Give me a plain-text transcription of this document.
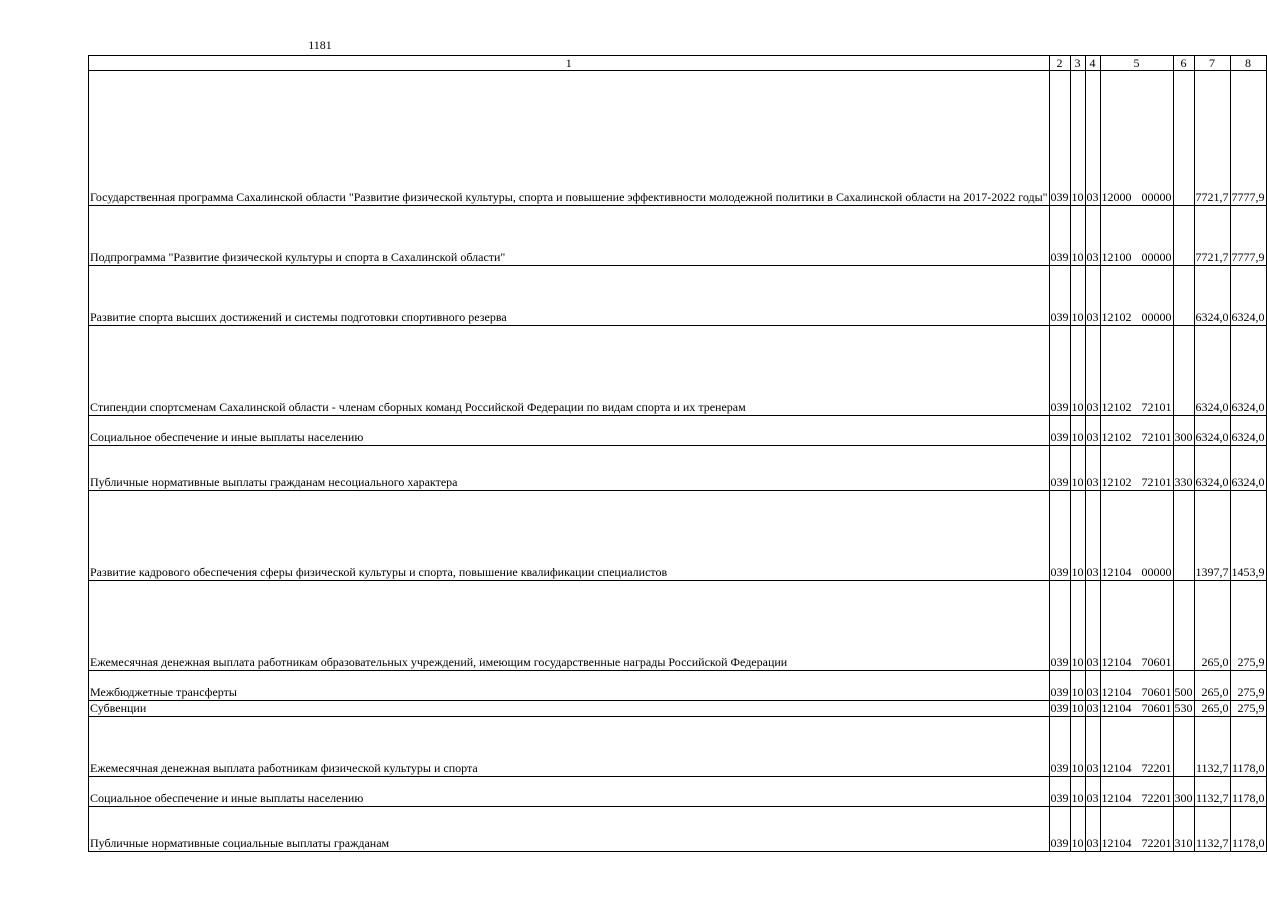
1181
1	2	3	4	5	6	7	8
Государственная программа Сахалинской области "Развитие физической культуры, спорта и повышение эффективности молодежной политики в Сахалинской области на 2017-2022 годы"	039	10	03	12000 00000		7721,7	7777,9
Подпрограмма "Развитие физической культуры и спорта в Сахалинской области"	039	10	03	12100 00000		7721,7	7777,9
Развитие спорта высших достижений и системы подготовки спортивного резерва	039	10	03	12102 00000		6324,0	6324,0
Стипендии спортсменам Сахалинской области - членам сборных команд Российской Федерации по видам спорта и их тренерам	039	10	03	12102 72101		6324,0	6324,0
Социальное обеспечение и иные выплаты населению	039	10	03	12102 72101	300	6324,0	6324,0
Публичные нормативные выплаты гражданам несоциального характера	039	10	03	12102 72101	330	6324,0	6324,0
Развитие кадрового обеспечения сферы физической культуры и спорта, повышение квалификации специалистов	039	10	03	12104 00000		1397,7	1453,9
Ежемесячная денежная выплата работникам образовательных учреждений, имеющим государственные награды Российской Федерации	039	10	03	12104 70601		265,0	275,9
Межбюджетные трансферты	039	10	03	12104 70601	500	265,0	275,9
Субвенции	039	10	03	12104 70601	530	265,0	275,9
Ежемесячная денежная выплата работникам физической культуры и спорта	039	10	03	12104 72201		1132,7	1178,0
Социальное обеспечение и иные выплаты населению	039	10	03	12104 72201	300	1132,7	1178,0
Публичные нормативные социальные выплаты гражданам	039	10	03	12104 72201	310	1132,7	1178,0
